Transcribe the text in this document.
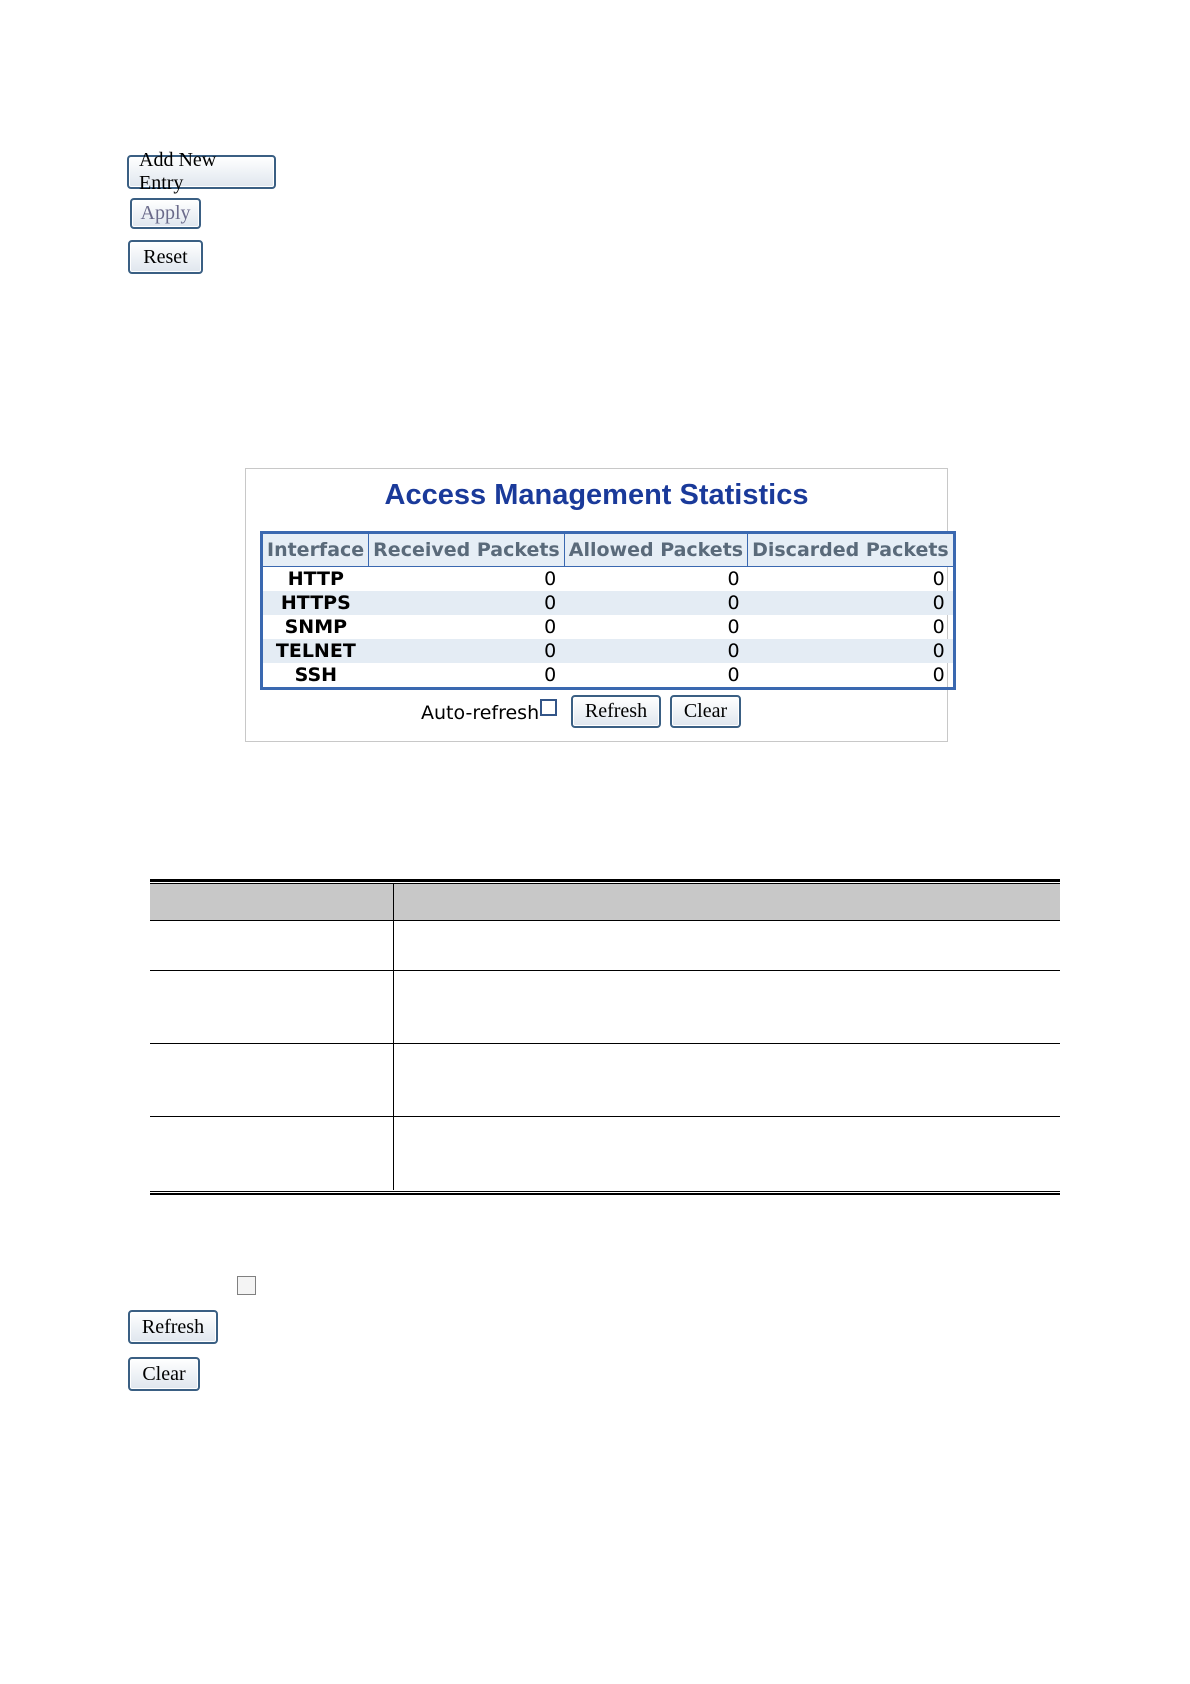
Add New Entry
Apply
Reset
Access Management Statistics
Interface	Received Packets	Allowed Packets	Discarded Packets
HTTP	0	0	0
HTTPS	0	0	0
SNMP	0	0	0
TELNET	0	0	0
SSH	0	0	0
Auto-refresh	Refresh	Clear
Refresh
Clear
